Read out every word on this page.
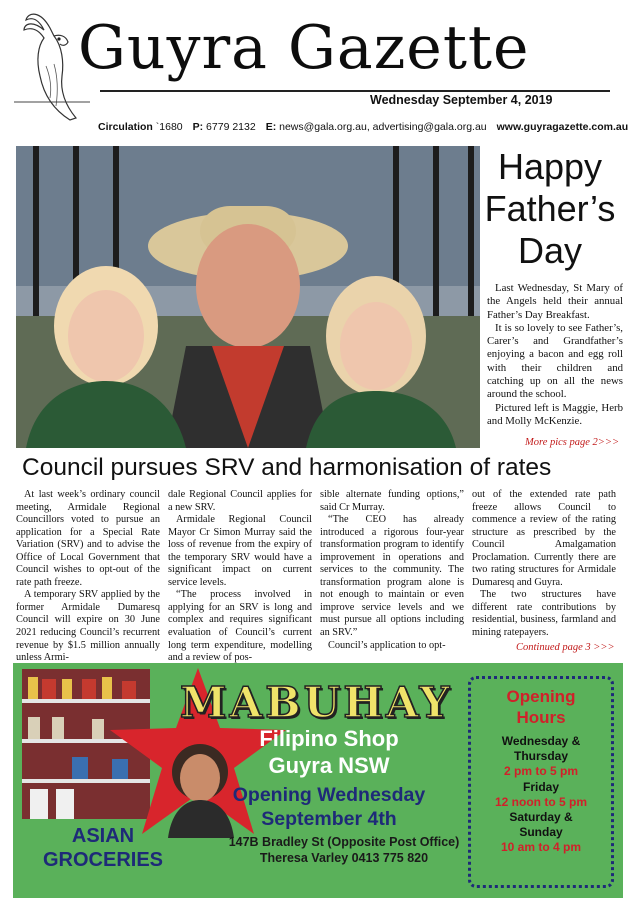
Guyra Gazette
Wednesday September 4, 2019
Circulation `1680 P: 6779 2132 E: news@gala.org.au, advertising@gala.org.au www.guyragazette.com.au
Happy
Father’s
Day

Last Wednesday, St Mary of the Angels held their annual Father’s Day Breakfast.

It is so lovely to see Father’s, Carer’s and Grandfather’s enjoying a bacon and egg roll with their children and catching up on all the news around the school.

Pictured left is Maggie, Herb and Molly McKenzie.

More pics page 2>>>
Council pursues SRV and harmonisation of rates

At last week’s ordinary council meeting, Armidale Regional Councillors voted to pursue an application for a Special Rate Variation (SRV) and to advise the Office of Local Government that Council wishes to opt-out of the rate path freeze.

A temporary SRV applied by the former Armidale Dumaresq Council will expire on 30 June 2021 reducing Council’s recurrent revenue by $1.5 million annually unless Armi-

dale Regional Council applies for a new SRV.

Armidale Regional Council Mayor Cr Simon Murray said the loss of revenue from the expiry of the temporary SRV would have a significant impact on current service levels.

“The process involved in applying for an SRV is long and complex and requires significant evaluation of Council’s current long term expenditure, modelling and a review of pos-

sible alternate funding options,” said Cr Murray.

“The CEO has already introduced a rigorous four-year transformation program to identify improvement in operations and services to the community. The transformation program alone is not enough to maintain or even improve service levels and we must pursue all options including an SRV.”

Council’s application to opt-

out of the extended rate path freeze allows Council to commence a review of the rating structure as prescribed by the Council Amalgamation Proclamation. Currently there are two rating structures for Armidale Dumaresq and Guyra.

The two structures have different rate contributions by residential, business, farmland and mining ratepayers.

Continued page 3 >>>
MABUHAY
Filipino Shop
Guyra NSW
Opening Wednesday
September 4th
147B Bradley St (Opposite Post Office)
Theresa Varley 0413 775 820
ASIAN
GROCERIES
Opening
Hours
Wednesday &
Thursday
2 pm to 5 pm
Friday
12 noon to 5 pm
Saturday &
Sunday
10 am to 4 pm
